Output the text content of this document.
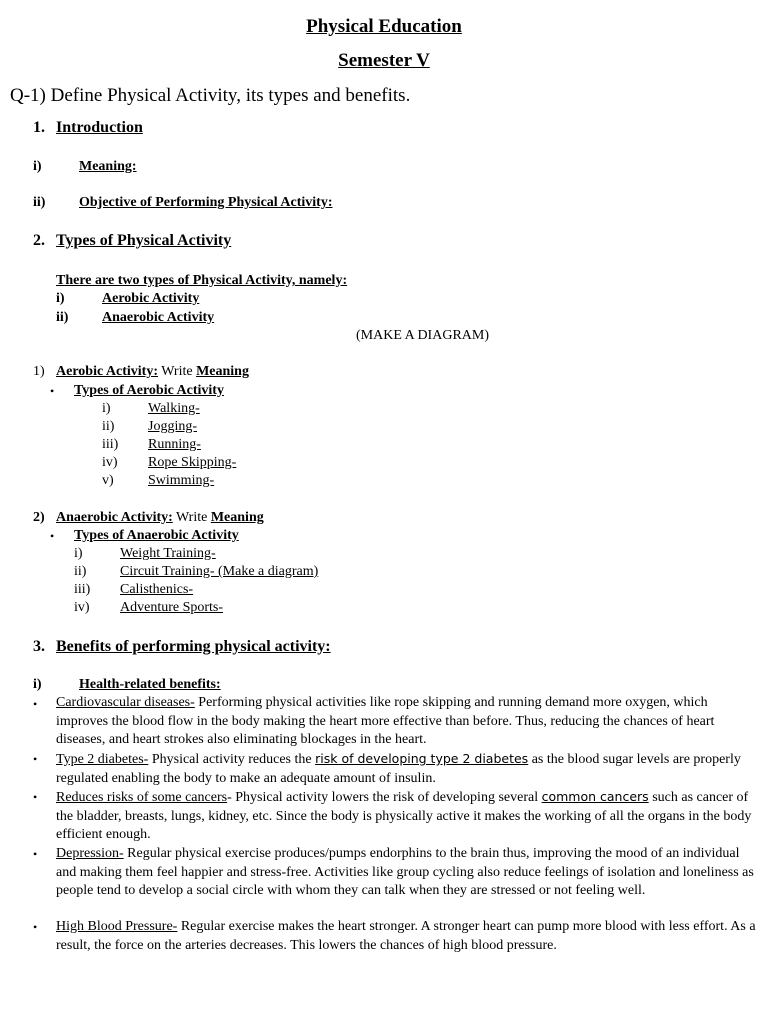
Physical Education
Semester V
Q-1) Define Physical Activity, its types and benefits.
1. Introduction
i)	Meaning:
ii) Objective of Performing Physical Activity:
2. Types of Physical Activity
There are two types of Physical Activity, namely:
i)	Aerobic Activity
ii) Anaerobic Activity
(MAKE A DIAGRAM)
1) Aerobic Activity: Write Meaning
• Types of Aerobic Activity
i)	Walking-
ii) Jogging-
iii) Running-
iv) Rope Skipping-
v) Swimming-
2) Anaerobic Activity: Write Meaning
• Types of Anaerobic Activity
i)	Weight Training-
ii) Circuit Training- (Make a diagram)
iii) Calisthenics-
iv) Adventure Sports-
3. Benefits of performing physical activity:
i)	Health-related benefits:
• Cardiovascular diseases- Performing physical activities like rope skipping and running demand more oxygen, which improves the blood flow in the body making the heart more effective than before. Thus, reducing the chances of heart diseases, and heart strokes also eliminating blockages in the heart.
• Type 2 diabetes- Physical activity reduces the risk of developing type 2 diabetes as the blood sugar levels are properly regulated enabling the body to make an adequate amount of insulin.
• Reduces risks of some cancers- Physical activity lowers the risk of developing several common cancers such as cancer of the bladder, breasts, lungs, kidney, etc. Since the body is physically active it makes the working of all the organs in the body efficient enough.
• Depression- Regular physical exercise produces/pumps endorphins to the brain thus, improving the mood of an individual and making them feel happier and stress-free. Activities like group cycling also reduce feelings of isolation and loneliness as people tend to develop a social circle with whom they can talk when they are stressed or not feeling well.
• High Blood Pressure- Regular exercise makes the heart stronger. A stronger heart can pump more blood with less effort. As a result, the force on the arteries decreases. This lowers the chances of high blood pressure.
